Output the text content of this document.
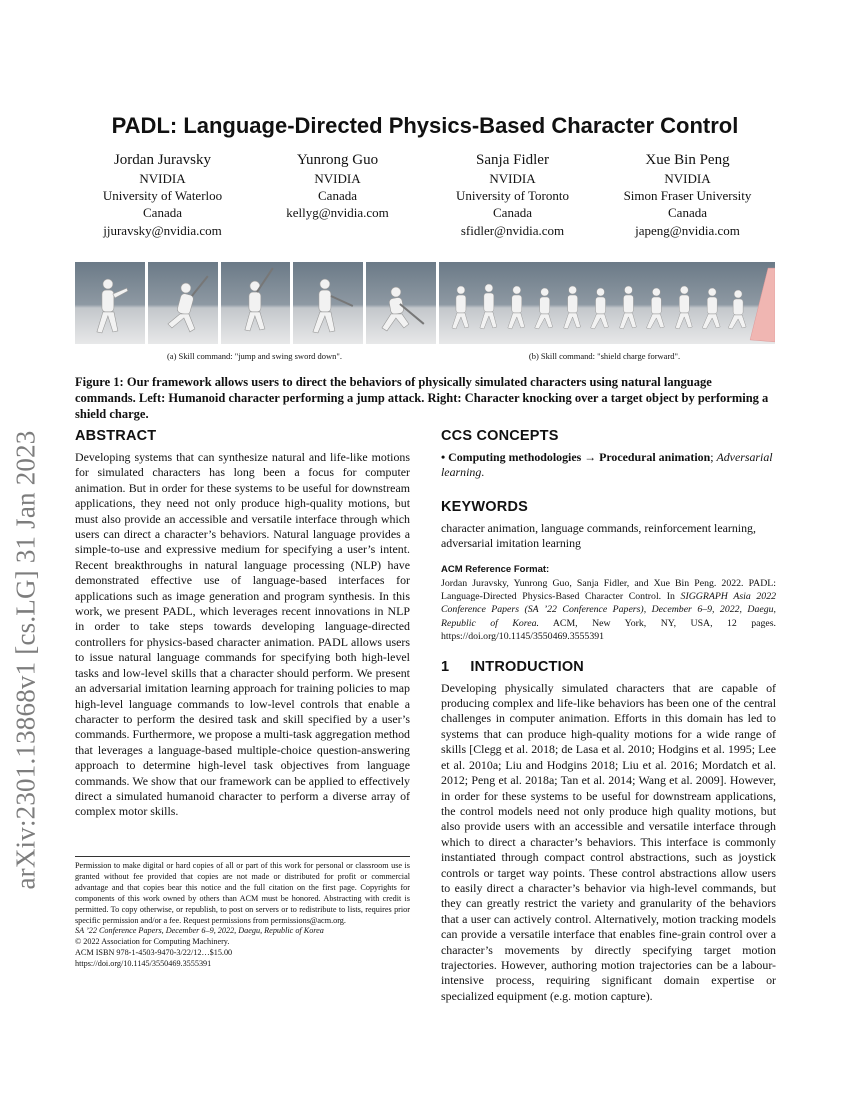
arXiv:2301.13868v1 [cs.LG] 31 Jan 2023
PADL: Language-Directed Physics-Based Character Control
Jordan Juravsky
NVIDIA
University of Waterloo
Canada
jjuravsky@nvidia.com
Yunrong Guo
NVIDIA
Canada
kellyg@nvidia.com
Sanja Fidler
NVIDIA
University of Toronto
Canada
sfidler@nvidia.com
Xue Bin Peng
NVIDIA
Simon Fraser University
Canada
japeng@nvidia.com
(a) Skill command: "jump and swing sword down".	(b) Skill command: "shield charge forward".

Figure 1: Our framework allows users to direct the behaviors of physically simulated characters using natural language commands. Left: Humanoid character performing a jump attack. Right: Character knocking over a target object by performing a shield charge.

ABSTRACT

Developing systems that can synthesize natural and life-like motions for simulated characters has long been a focus for computer animation. But in order for these systems to be useful for downstream applications, they need not only produce high-quality motions, but must also provide an accessible and versatile interface through which users can direct a character’s behaviors. Natural language provides a simple-to-use and expressive medium for specifying a user’s intent. Recent breakthroughs in natural language processing (NLP) have demonstrated effective use of language-based interfaces for applications such as image generation and program synthesis. In this work, we present PADL, which leverages recent innovations in NLP in order to take steps towards developing language-directed controllers for physics-based character animation. PADL allows users to issue natural language commands for specifying both high-level tasks and low-level skills that a character should perform. We present an adversarial imitation learning approach for training policies to map high-level language commands to low-level controls that enable a character to perform the desired task and skill specified by a user’s commands. Furthermore, we propose a multi-task aggregation method that leverages a language-based multiple-choice question-answering approach to determine high-level task objectives from language commands. We show that our framework can be applied to effectively direct a simulated humanoid character to perform a diverse array of complex motor skills.

Permission to make digital or hard copies of all or part of this work for personal or classroom use is granted without fee provided that copies are not made or distributed for profit or commercial advantage and that copies bear this notice and the full citation on the first page. Copyrights for components of this work owned by others than ACM must be honored. Abstracting with credit is permitted. To copy otherwise, or republish, to post on servers or to redistribute to lists, requires prior specific permission and/or a fee. Request permissions from permissions@acm.org.

SA ’22 Conference Papers, December 6–9, 2022, Daegu, Republic of Korea

© 2022 Association for Computing Machinery.

ACM ISBN 978-1-4503-9470-3/22/12…$15.00

https://doi.org/10.1145/3550469.3555391

CCS CONCEPTS

• Computing methodologies → Procedural animation; Adversarial learning.

KEYWORDS

character animation, language commands, reinforcement learning, adversarial imitation learning

ACM Reference Format:

Jordan Juravsky, Yunrong Guo, Sanja Fidler, and Xue Bin Peng. 2022. PADL: Language-Directed Physics-Based Character Control. In SIGGRAPH Asia 2022 Conference Papers (SA ’22 Conference Papers), December 6–9, 2022, Daegu, Republic of Korea. ACM, New York, NY, USA, 12 pages. https://doi.org/10.1145/3550469.3555391

1     INTRODUCTION

Developing physically simulated characters that are capable of producing complex and life-like behaviors has been one of the central challenges in computer animation. Efforts in this domain has led to systems that can produce high-quality motions for a wide range of skills [Clegg et al. 2018; de Lasa et al. 2010; Hodgins et al. 1995; Lee et al. 2010a; Liu and Hodgins 2018; Liu et al. 2016; Mordatch et al. 2012; Peng et al. 2018a; Tan et al. 2014; Wang et al. 2009]. However, in order for these systems to be useful for downstream applications, the control models need not only produce high quality motions, but also provide users with an accessible and versatile interface through which to direct a character’s behaviors. This interface is commonly instantiated through compact control abstractions, such as joystick controls or target way points. These control abstractions allow users to easily direct a character’s behavior via high-level commands, but they can greatly restrict the variety and granularity of the behaviors that a user can actively control. Alternatively, motion tracking models can provide a versatile interface that enables fine-grain control over a character’s movements by directly specifying target motion trajectories. However, authoring motion trajectories can be a labour-intensive process, requiring significant domain expertise or specialized equipment (e.g. motion capture).
